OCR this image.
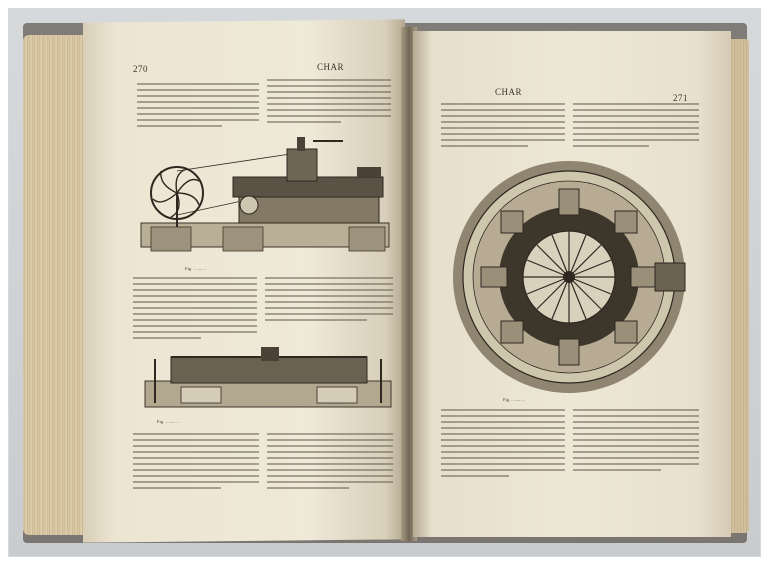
270	CHAR
Fig. ... — ...
Fig. ... — ...
CHAR
271
Fig. ... — ...
